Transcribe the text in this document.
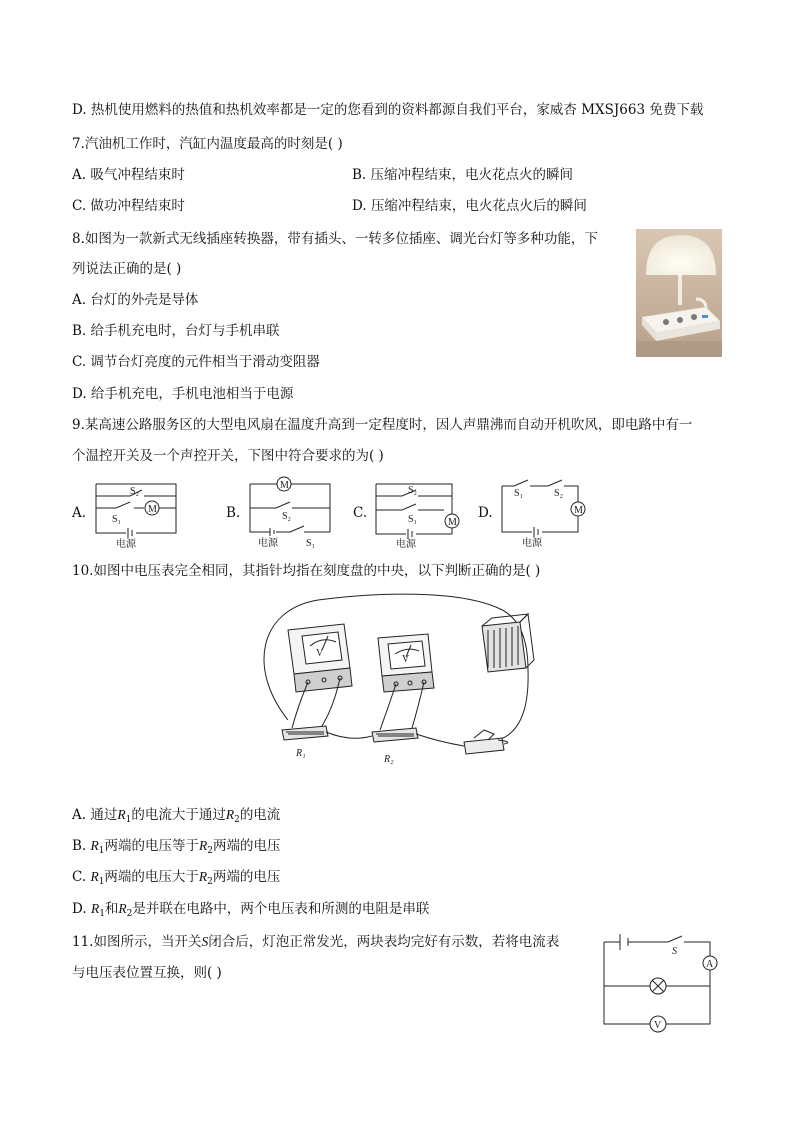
D. 热机使用燃料的热值和热机效率都是一定的您看到的资料都源自我们平台，家威杏 MXSJ663 免费下载
7.汽油机工作时，汽缸内温度最高的时刻是( )
A. 吸气冲程结束时	B. 压缩冲程结束，电火花点火的瞬间
C. 做功冲程结束时	D. 压缩冲程结束，电火花点火后的瞬间
8.如图为一款新式无线插座转换器，带有插头、一转多位插座、调光台灯等多种功能，下
列说法正确的是( )
A. 台灯的外壳是导体
B. 给手机充电时，台灯与手机串联
C. 调节台灯亮度的元件相当于滑动变阻器
D. 给手机充电，手机电池相当于电源
9.某高速公路服务区的大型电风扇在温度升高到一定程度时，因人声鼎沸而自动开机吹风，即电路中有一
个温控开关及一个声控开关，下图中符合要求的为( )
A.	B.	C.	D.
S₂
S₁
M
电源
M
S₂
电源	S₁
S₂
S₁	M
电源
S₁	S₂
M
电源
10.如图中电压表完全相同，其指针均指在刻度盘的中央，以下判断正确的是( )
R₁
R₂
V
V
A. 通过$R_1$的电流大于通过$R_2$的电流
B. $R_1$两端的电压等于$R_2$两端的电压
C. $R_1$两端的电压大于$R_2$两端的电压
D. $R_1$和$R_2$是并联在电路中，两个电压表和所测的电阻是串联
11.如图所示，当开关S闭合后，灯泡正常发光，两块表均完好有示数，若将电流表
与电压表位置互换，则( )
S
A
V
